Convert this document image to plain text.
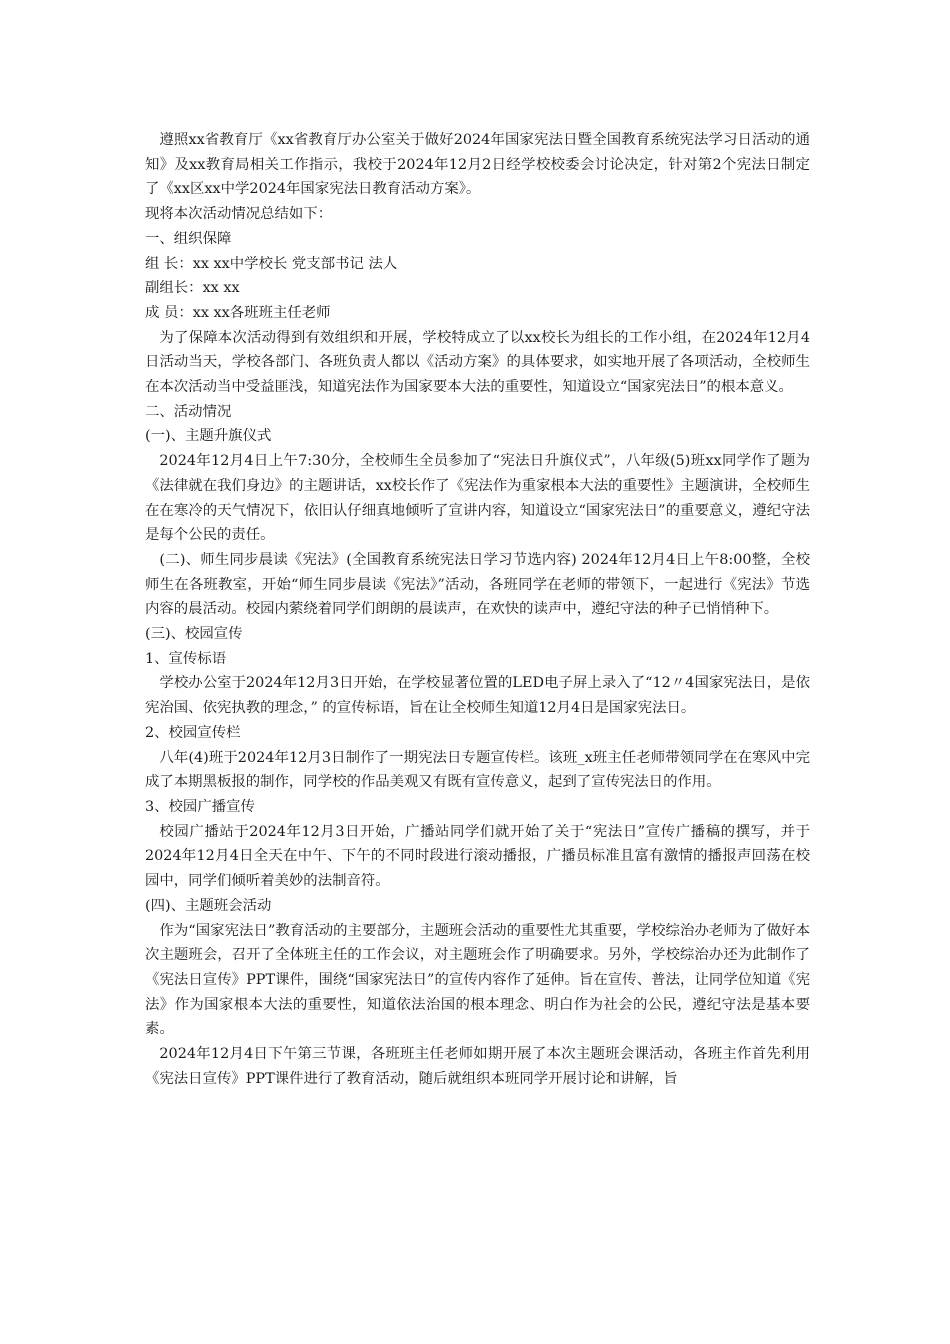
遵照xx省教育厅《xx省教育厅办公室关于做好2024年国家宪法日暨全国教育系统宪法学习日活动的通知》及xx教育局相关工作指示，我校于2024年12月2日经学校校委会讨论决定，针对第2个宪法日制定了《xx区xx中学2024年国家宪法日教育活动方案》。

现将本次活动情况总结如下：

一、组织保障

组 长：xx xx中学校长 党支部书记 法人

副组长：xx xx

成 员：xx xx各班班主任老师

为了保障本次活动得到有效组织和开展，学校特成立了以xx校长为组长的工作小组，在2024年12月4日活动当天，学校各部门、各班负责人都以《活动方案》的具体要求，如实地开展了各项活动，全校师生在本次活动当中受益匪浅，知道宪法作为国家要本大法的重要性，知道设立“国家宪法日”的根本意义。

二、活动情况

(一)、主题升旗仪式

2024年12月4日上午7:30分，全校师生全员参加了“宪法日升旗仪式”，八年级(5)班xx同学作了题为《法律就在我们身边》的主题讲话，xx校长作了《宪法作为重家根本大法的重要性》主题演讲，全校师生在在寒冷的天气情况下，依旧认仔细真地倾听了宣讲内容，知道设立“国家宪法日”的重要意义，遵纪守法是每个公民的责任。

(二)、师生同步晨读《宪法》(全国教育系统宪法日学习节选内容) 2024年12月4日上午8:00整，全校师生在各班教室，开始“师生同步晨读《宪法》”活动，各班同学在老师的带领下，一起进行《宪法》节选内容的晨活动。校园内萦绕着同学们朗朗的晨读声，在欢快的读声中，遵纪守法的种子已悄悄种下。

(三)、校园宣传

1、宣传标语

学校办公室于2024年12月3日开始，在学校显著位置的LED电子屏上录入了“12〃4国家宪法日，是依宪治国、依宪执教的理念，” 的宣传标语，旨在让全校师生知道12月4日是国家宪法日。

2、校园宣传栏

八年(4)班于2024年12月3日制作了一期宪法日专题宣传栏。该班_x班主任老师带领同学在在寒风中完成了本期黑板报的制作，同学校的作品美观又有既有宣传意义，起到了宣传宪法日的作用。

3、校园广播宣传

校园广播站于2024年12月3日开始，广播站同学们就开始了关于“宪法日”宣传广播稿的撰写，并于2024年12月4日全天在中午、下午的不同时段进行滚动播报，广播员标准且富有激情的播报声回荡在校园中，同学们倾听着美妙的法制音符。

(四)、主题班会活动

作为“国家宪法日”教育活动的主要部分，主题班会活动的重要性尤其重要，学校综治办老师为了做好本次主题班会，召开了全体班主任的工作会议，对主题班会作了明确要求。另外，学校综治办还为此制作了《宪法日宣传》PPT课件，围绕“国家宪法日”的宣传内容作了延伸。旨在宣传、普法，让同学位知道《宪法》作为国家根本大法的重要性，知道依法治国的根本理念、明白作为社会的公民，遵纪守法是基本要素。

2024年12月4日下午第三节课，各班班主任老师如期开展了本次主题班会课活动，各班主作首先利用《宪法日宣传》PPT课件进行了教育活动，随后就组织本班同学开展讨论和讲解，旨
